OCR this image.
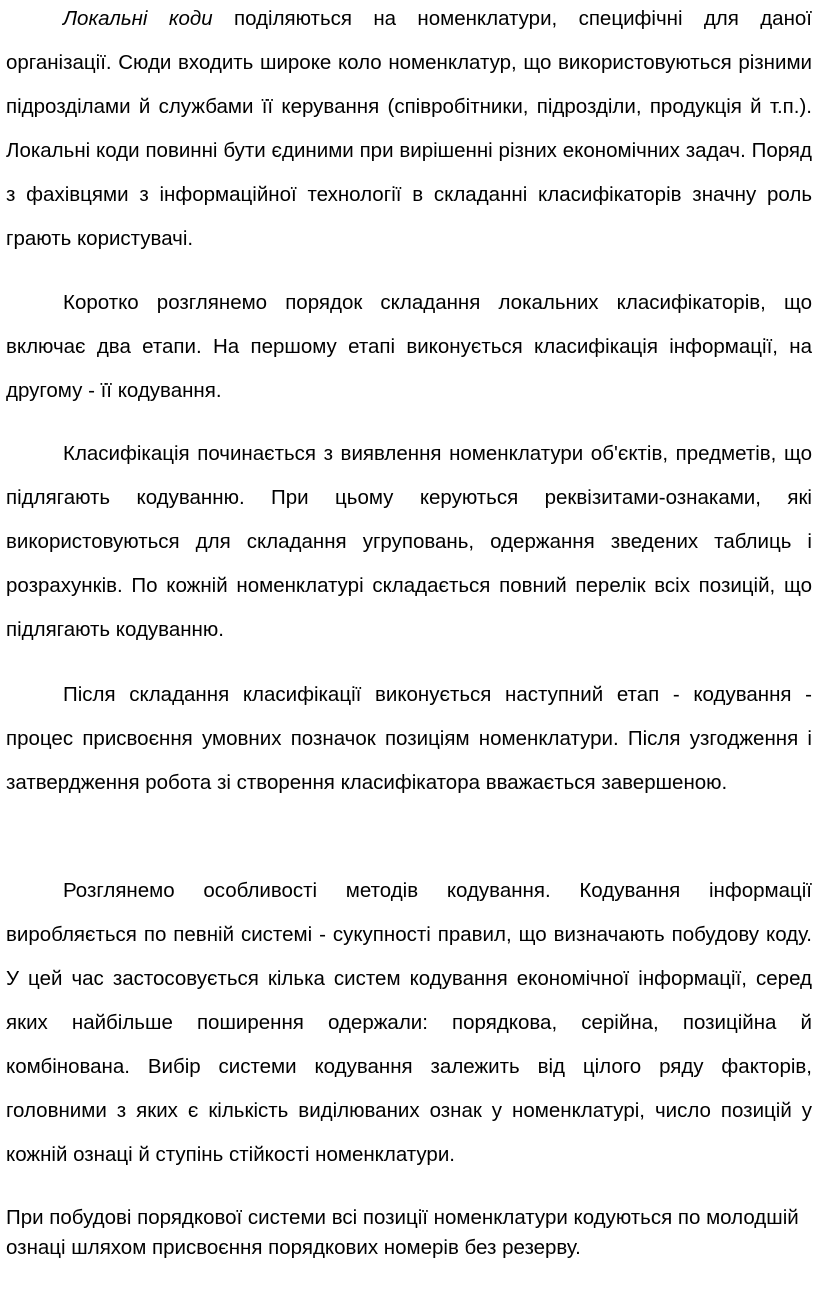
Локальні коди поділяються на номенклатури, специфічні для даної організації. Сюди входить широке коло номенклатур, що використовуються різними підрозділами й службами її керування (співробітники, підрозділи, продукція й т.п.). Локальні коди повинні бути єдиними при вирішенні різних економічних задач. Поряд з фахівцями з інформаційної технології в складанні класифікаторів значну роль грають користувачі.

Коротко розглянемо порядок складання локальних класифікаторів, що включає два етапи. На першому етапі виконується класифікація інформації, на другому - її кодування.

Класифікація починається з виявлення номенклатури об'єктів, предметів, що підлягають кодуванню. При цьому керуються реквізитами-ознаками, які використовуються для складання угруповань, одержання зведених таблиць і розрахунків. По кожній номенклатурі складається повний перелік всіх позицій, що підлягають кодуванню.

Після складання класифікації виконується наступний етап - кодування - процес присвоєння умовних позначок позиціям номенклатури. Після узгодження і затвердження робота зі створення класифікатора вважається завершеною.

Розглянемо особливості методів кодування. Кодування інформації виробляється по певній системі - сукупності правил, що визначають побудову коду. У цей час застосовується кілька систем кодування економічної інформації, серед яких найбільше поширення одержали: порядкова, серійна, позиційна й комбінована. Вибір системи кодування залежить від цілого ряду факторів, головними з яких є кількість виділюваних ознак у номенклатурі, число позицій у кожній ознаці й ступінь стійкості номенклатури.

При побудові порядкової системи всі позиції номенклатури кодуються по молодшій ознаці шляхом присвоєння порядкових номерів без резерву.
